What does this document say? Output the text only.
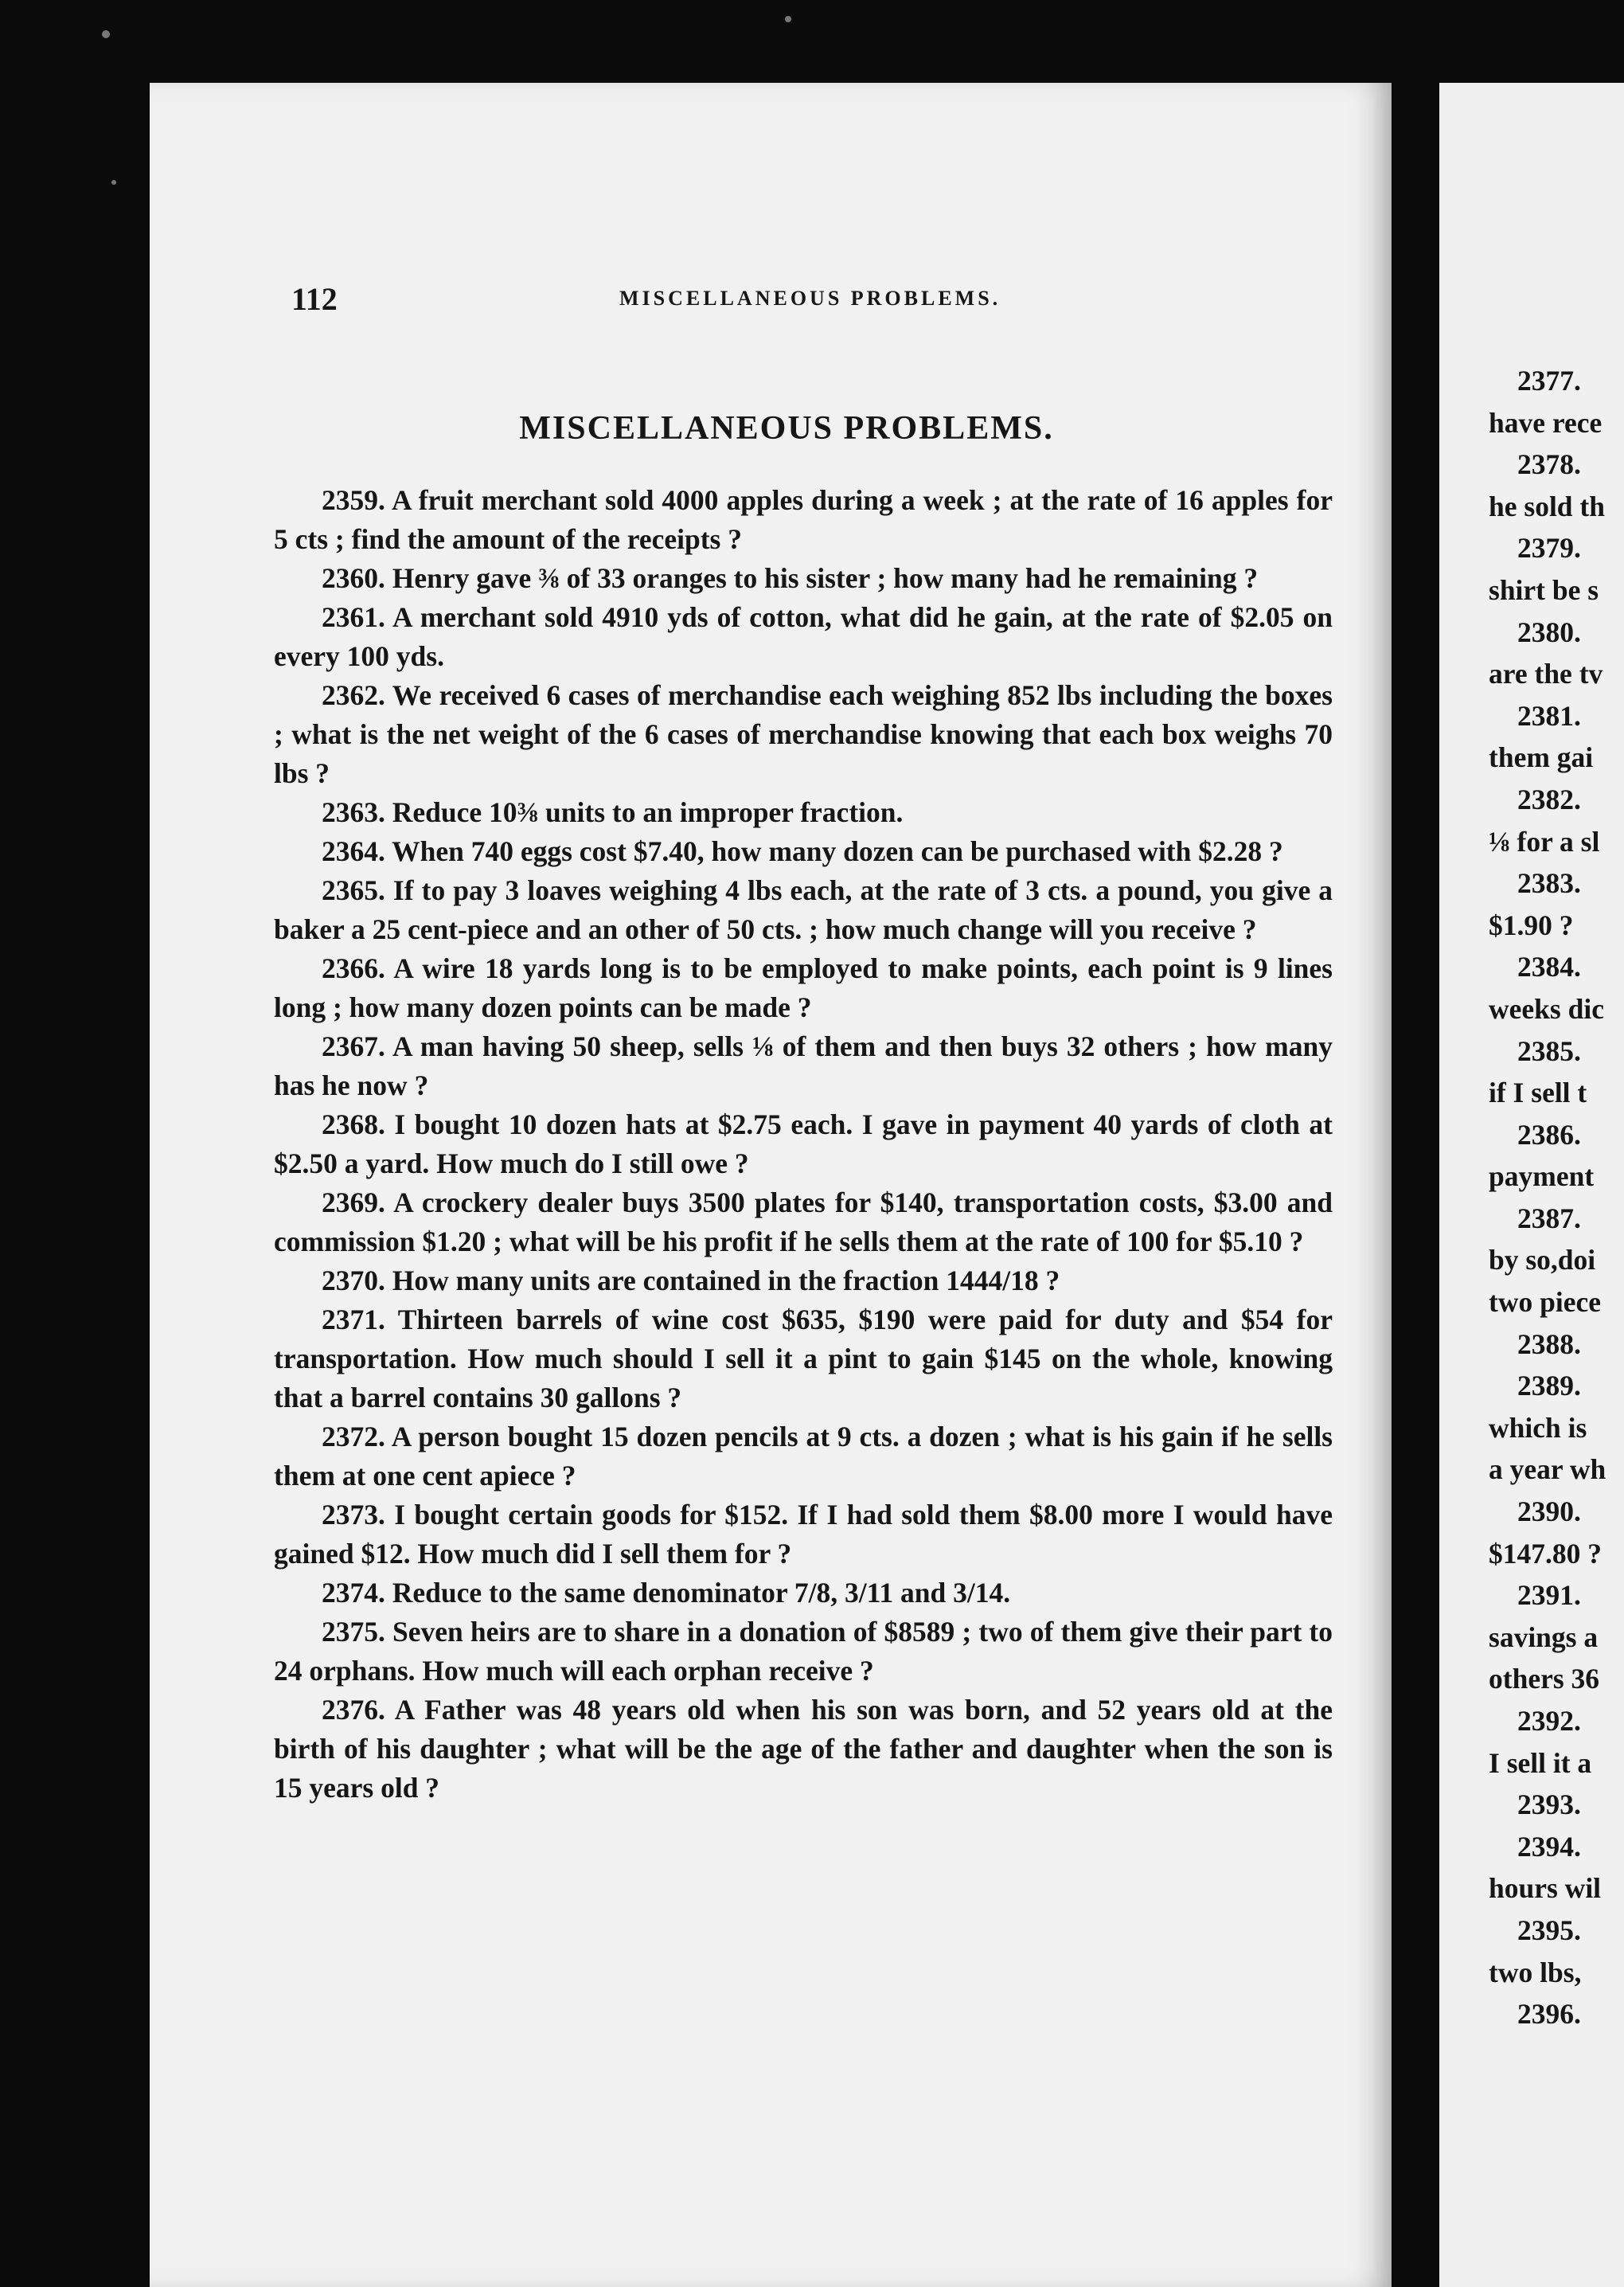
112	MISCELLANEOUS PROBLEMS.
MISCELLANEOUS PROBLEMS.

2359. A fruit merchant sold 4000 apples during a week ; at the rate of 16 apples for 5 cts ; find the amount of the receipts ?

2360. Henry gave ⅜ of 33 oranges to his sister ; how many had he remaining ?

2361. A merchant sold 4910 yds of cotton, what did he gain, at the rate of $2.05 on every 100 yds.

2362. We received 6 cases of merchandise each weighing 852 lbs including the boxes ; what is the net weight of the 6 cases of merchandise knowing that each box weighs 70 lbs ?

2363. Reduce 10⅜ units to an improper fraction.

2364. When 740 eggs cost $7.40, how many dozen can be purchased with $2.28 ?

2365. If to pay 3 loaves weighing 4 lbs each, at the rate of 3 cts. a pound, you give a baker a 25 cent-piece and an other of 50 cts. ; how much change will you receive ?

2366. A wire 18 yards long is to be employed to make points, each point is 9 lines long ; how many dozen points can be made ?

2367. A man having 50 sheep, sells ⅛ of them and then buys 32 others ; how many has he now ?

2368. I bought 10 dozen hats at $2.75 each. I gave in payment 40 yards of cloth at $2.50 a yard. How much do I still owe ?

2369. A crockery dealer buys 3500 plates for $140, transportation costs, $3.00 and commission $1.20 ; what will be his profit if he sells them at the rate of 100 for $5.10 ?

2370. How many units are contained in the fraction 1444/18 ?

2371. Thirteen barrels of wine cost $635, $190 were paid for duty and $54 for transportation. How much should I sell it a pint to gain $145 on the whole, knowing that a barrel contains 30 gallons ?

2372. A person bought 15 dozen pencils at 9 cts. a dozen ; what is his gain if he sells them at one cent apiece ?

2373. I bought certain goods for $152. If I had sold them $8.00 more I would have gained $12. How much did I sell them for ?

2374. Reduce to the same denominator 7/8, 3/11 and 3/14.

2375. Seven heirs are to share in a donation of $8589 ; two of them give their part to 24 orphans. How much will each orphan receive ?

2376. A Father was 48 years old when his son was born, and 52 years old at the birth of his daughter ; what will be the age of the father and daughter when the son is 15 years old ?

2377.
have rece
2378.
he sold th
2379.
shirt be s
2380.
are the tv
2381.
them gai
2382.
⅛ for a sl
2383.
$1.90 ?
2384.
weeks dic
2385.
if I sell t
2386.
payment
2387.
by so,doi
two piece
2388.
2389.
which is
a year wh
2390.
$147.80 ?
2391.
savings a
others 36
2392.
I sell it a
2393.
2394.
hours wil
2395.
two lbs,
2396.
